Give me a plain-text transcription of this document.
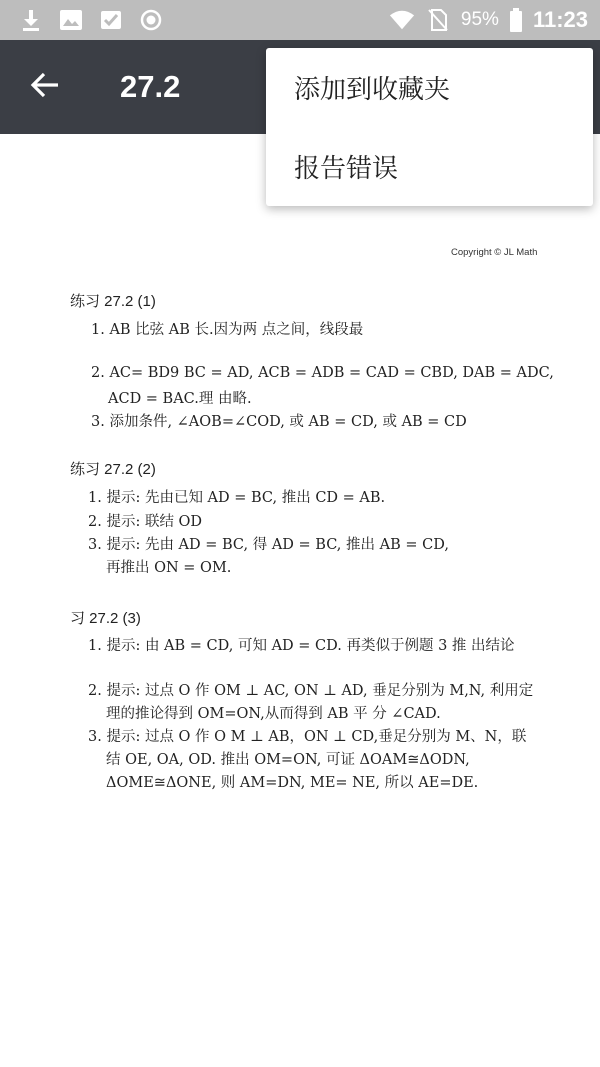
95% 11:23
27.2	添加到收藏夹
报告错误
Copyright © JL Math
练习 27.2 (1)
1. AB 比弦 AB 长.因为两 点之间，线段最
2. AC= BD9 BC = AD, ACB = ADB = CAD = CBD, DAB = ADC,
ACD = BAC.理 由略.
3. 添加条件, ∠AOB=∠COD, 或 AB = CD, 或 AB = CD
练习 27.2 (2)
1. 提示: 先由已知 AD = BC, 推出 CD = AB.
2. 提示: 联结 OD
3. 提示: 先由 AD = BC, 得 AD = BC, 推出 AB = CD,
再推出 ON = OM.
习 27.2 (3)
1. 提示: 由 AB = CD, 可知 AD = CD. 再类似于例题 3 推 出结论
2. 提示: 过点 O 作 OM ⊥ AC, ON ⊥ AD, 垂足分别为 M,N, 利用定
理的推论得到 OM=ON,从而得到 AB 平 分 ∠CAD.
3. 提示: 过点 O 作 O M ⊥ AB，ON ⊥ CD,垂足分别为 M、N，联
结 OE, OA, OD. 推出 OM=ON, 可证 ΔOAM≅ΔODN,
ΔOME≅ΔONE, 则 AM=DN, ME= NE, 所以 AE=DE.
